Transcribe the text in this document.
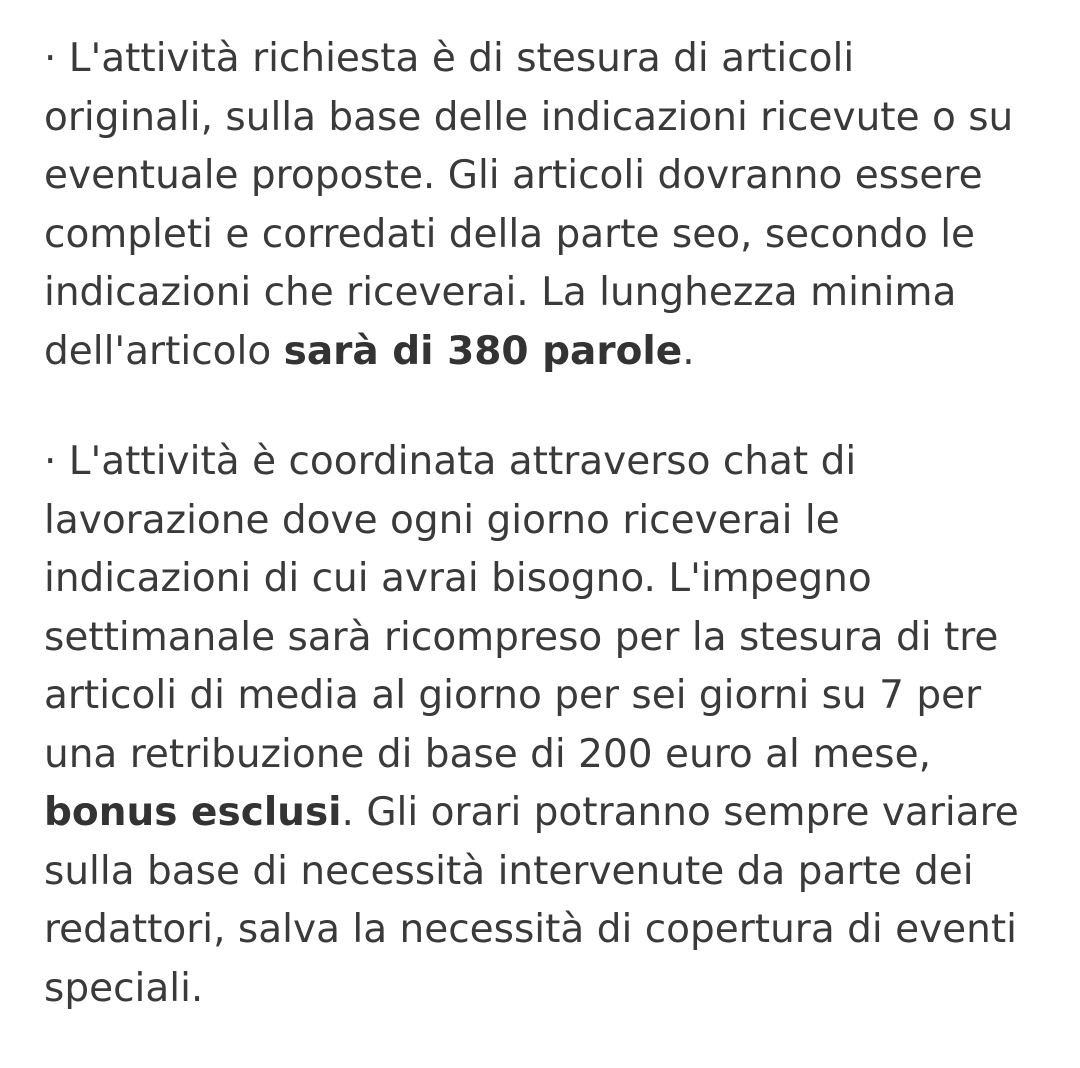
· L'attività richiesta è di stesura di articoli
originali, sulla base delle indicazioni ricevute o su
eventuale proposte. Gli articoli dovranno essere
completi e corredati della parte seo, secondo le
indicazioni che riceverai. La lunghezza minima
dell'articolo sarà di 380 parole.

· L'attività è coordinata attraverso chat di
lavorazione dove ogni giorno riceverai le
indicazioni di cui avrai bisogno. L'impegno
settimanale sarà ricompreso per la stesura di tre
articoli di media al giorno per sei giorni su 7 per
una retribuzione di base di 200 euro al mese,
bonus esclusi. Gli orari potranno sempre variare
sulla base di necessità intervenute da parte dei
redattori, salva la necessità di copertura di eventi
speciali.
